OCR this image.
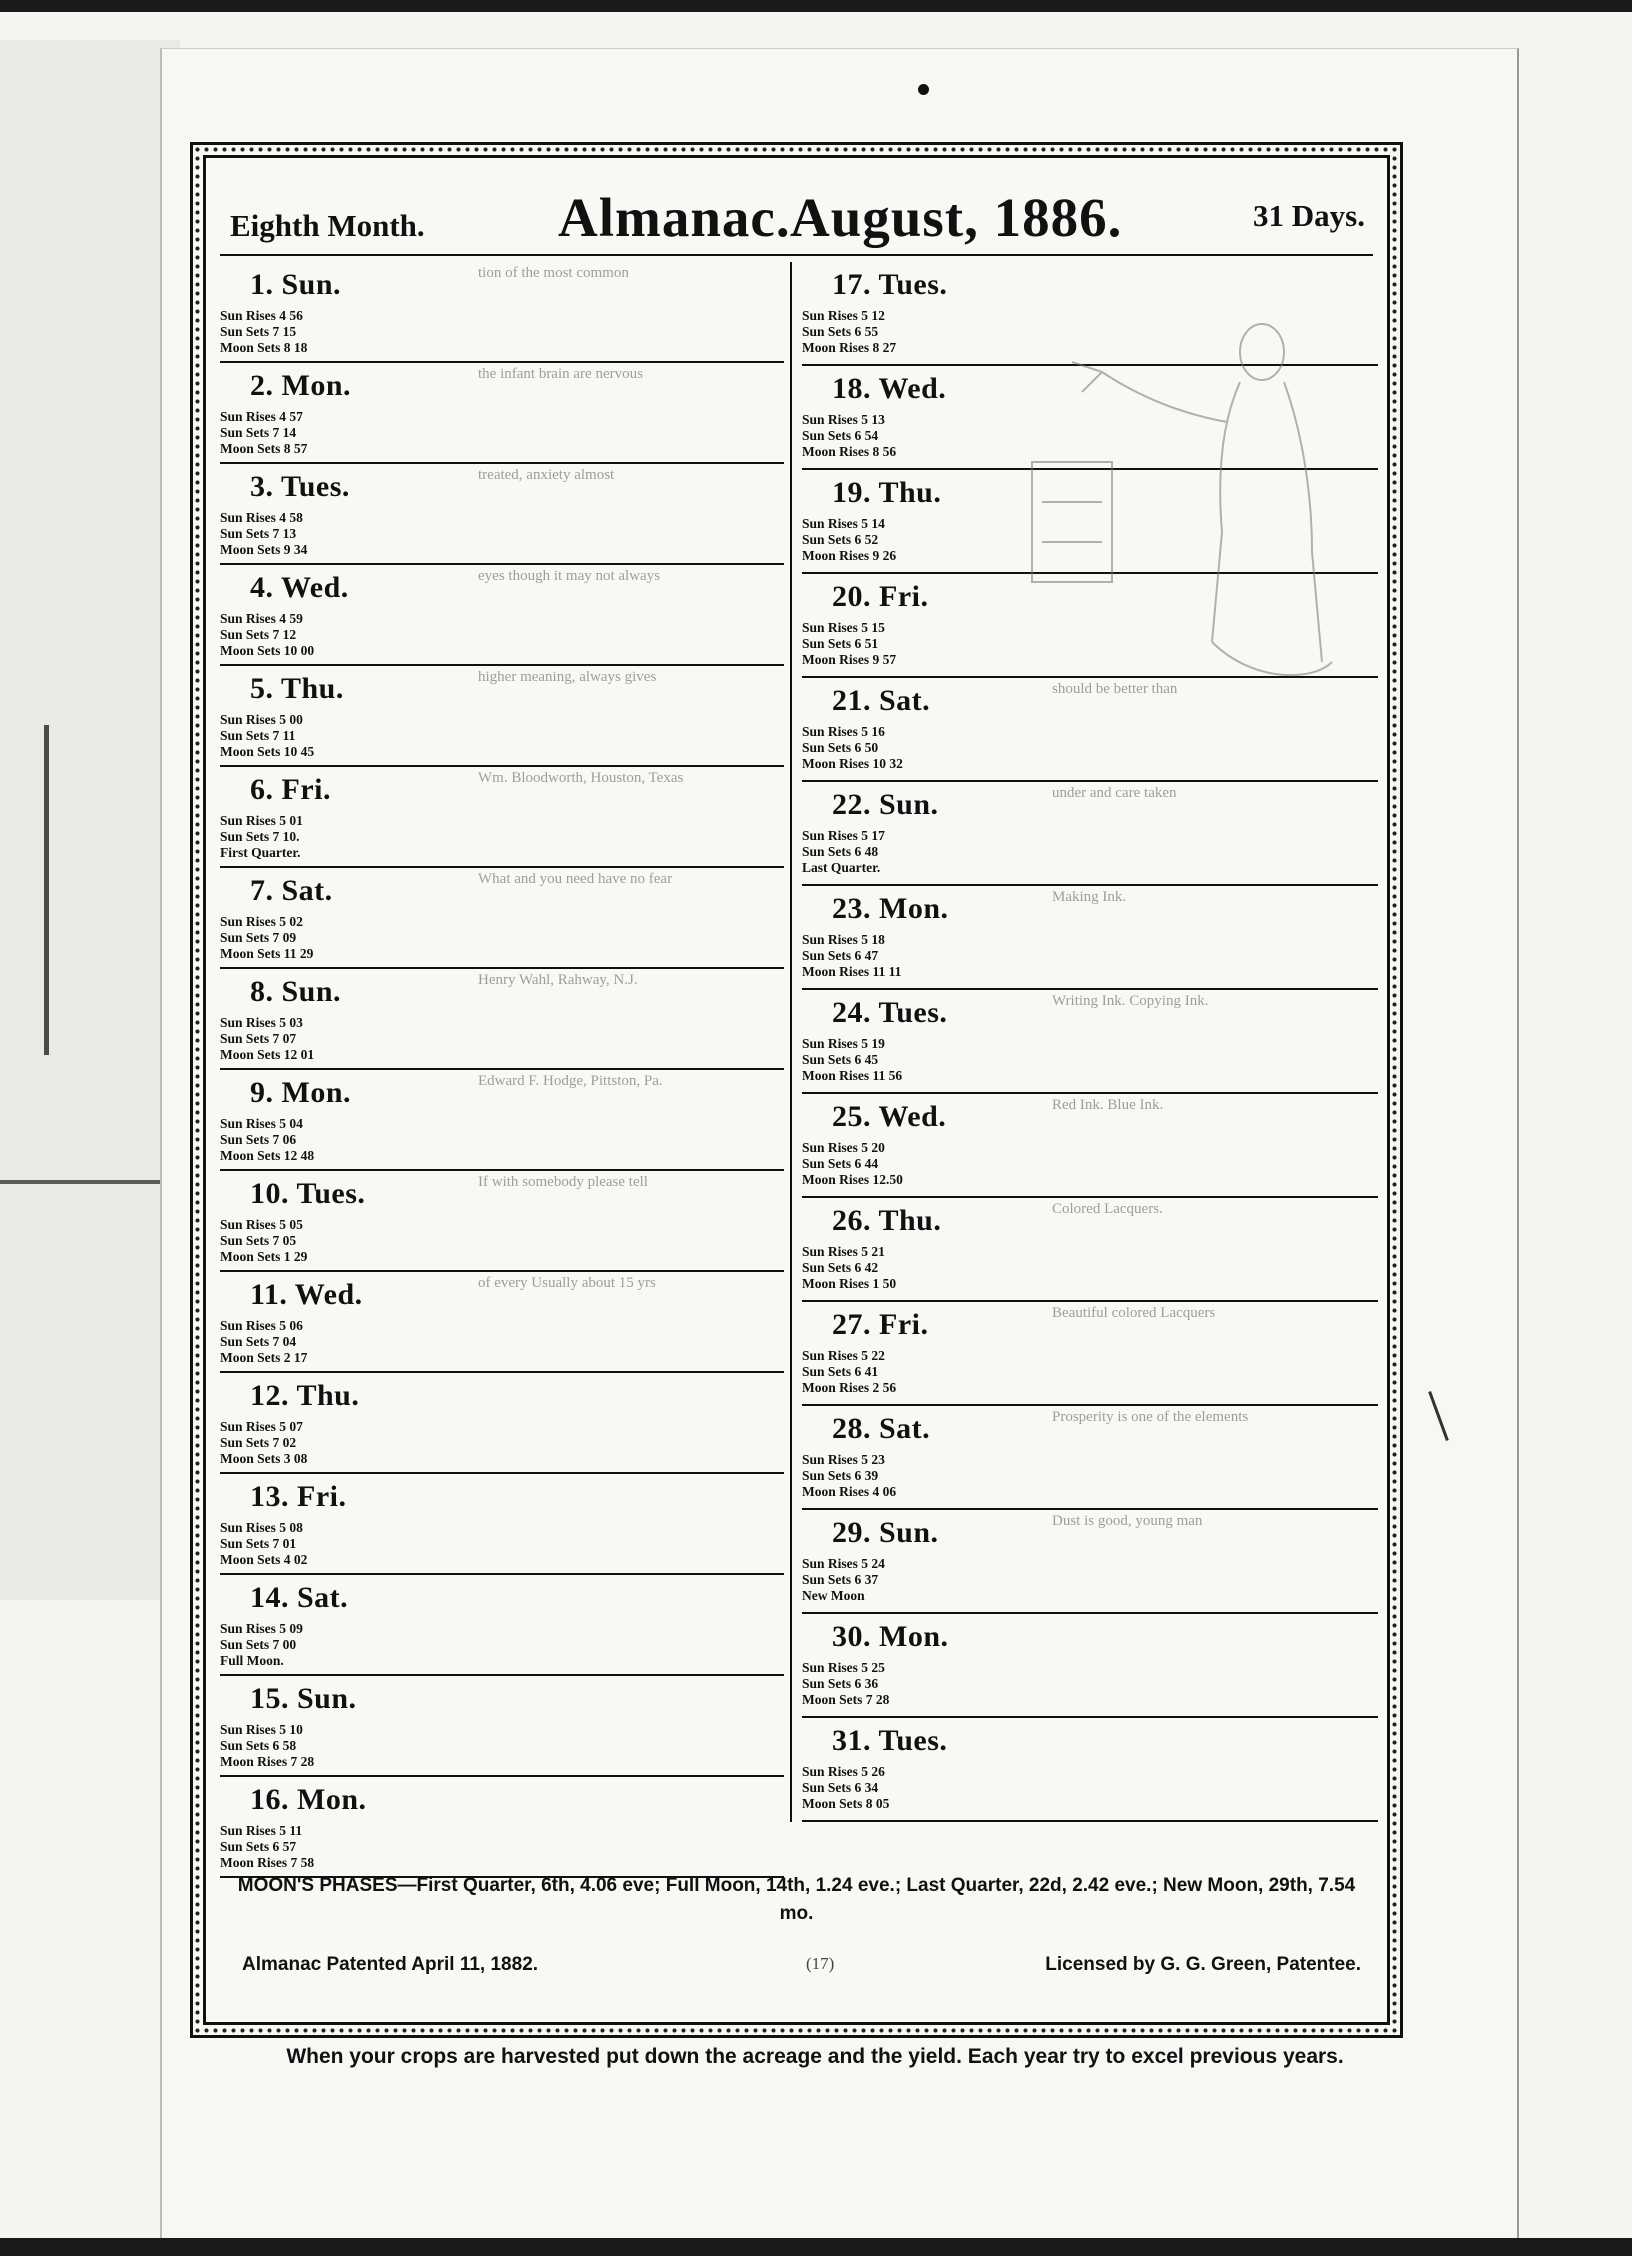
Eighth Month. Almanac. August, 1886.	31 Days.
1. Sun.
Sun Rises 4 56
Sun Sets 7 15
Moon Sets 8 18
tion of the most common
2. Mon.
Sun Rises 4 57
Sun Sets 7 14
Moon Sets 8 57
the infant brain are nervous
3. Tues.
Sun Rises 4 58
Sun Sets 7 13
Moon Sets 9 34
treated, anxiety almost
4. Wed.
Sun Rises 4 59
Sun Sets 7 12
Moon Sets 10 00
eyes though it may not always
5. Thu.
Sun Rises 5 00
Sun Sets 7 11
Moon Sets 10 45
higher meaning, always gives
6. Fri.
Sun Rises 5 01
Sun Sets 7 10.
First Quarter.
Wm. Bloodworth, Houston, Texas
7. Sat.
Sun Rises 5 02
Sun Sets 7 09
Moon Sets 11 29
What and you need have no fear
8. Sun.
Sun Rises 5 03
Sun Sets 7 07
Moon Sets 12 01
Henry Wahl, Rahway, N.J.
9. Mon.
Sun Rises 5 04
Sun Sets 7 06
Moon Sets 12 48
Edward F. Hodge, Pittston, Pa.
10. Tues.
Sun Rises 5 05
Sun Sets 7 05
Moon Sets 1 29
If with somebody please tell
11. Wed.
Sun Rises 5 06
Sun Sets 7 04
Moon Sets 2 17
of every Usually about 15 yrs
12. Thu.
Sun Rises 5 07
Sun Sets 7 02
Moon Sets 3 08
13. Fri.
Sun Rises 5 08
Sun Sets 7 01
Moon Sets 4 02
14. Sat.
Sun Rises 5 09
Sun Sets 7 00
Full Moon.
15. Sun.
Sun Rises 5 10
Sun Sets 6 58
Moon Rises 7 28
16. Mon.
Sun Rises 5 11
Sun Sets 6 57
Moon Rises 7 58
17. Tues.
Sun Rises 5 12
Sun Sets 6 55
Moon Rises 8 27
18. Wed.
Sun Rises 5 13
Sun Sets 6 54
Moon Rises 8 56
19. Thu.
Sun Rises 5 14
Sun Sets 6 52
Moon Rises 9 26
20. Fri.
Sun Rises 5 15
Sun Sets 6 51
Moon Rises 9 57
21. Sat.
Sun Rises 5 16
Sun Sets 6 50
Moon Rises 10 32
should be better than
22. Sun.
Sun Rises 5 17
Sun Sets 6 48
Last Quarter.
under and care taken
23. Mon.
Sun Rises 5 18
Sun Sets 6 47
Moon Rises 11 11
Making Ink.
24. Tues.
Sun Rises 5 19
Sun Sets 6 45
Moon Rises 11 56
Writing Ink. Copying Ink.
25. Wed.
Sun Rises 5 20
Sun Sets 6 44
Moon Rises 12.50
Red Ink. Blue Ink.
26. Thu.
Sun Rises 5 21
Sun Sets 6 42
Moon Rises 1 50
Colored Lacquers.
27. Fri.
Sun Rises 5 22
Sun Sets 6 41
Moon Rises 2 56
Beautiful colored Lacquers
28. Sat.
Sun Rises 5 23
Sun Sets 6 39
Moon Rises 4 06
Prosperity is one of the elements
29. Sun.
Sun Rises 5 24
Sun Sets 6 37
New Moon
Dust is good, young man
30. Mon.
Sun Rises 5 25
Sun Sets 6 36
Moon Sets 7 28
31. Tues.
Sun Rises 5 26
Sun Sets 6 34
Moon Sets 8 05
MOON'S PHASES—First Quarter, 6th, 4.06 eve; Full Moon, 14th, 1.24 eve.; Last Quarter, 22d, 2.42 eve.; New Moon, 29th, 7.54 mo.
Almanac Patented April 11, 1882.	(17)	Licensed by G. G. Green, Patentee.
When your crops are harvested put down the acreage and the yield. Each year try to excel previous years.
